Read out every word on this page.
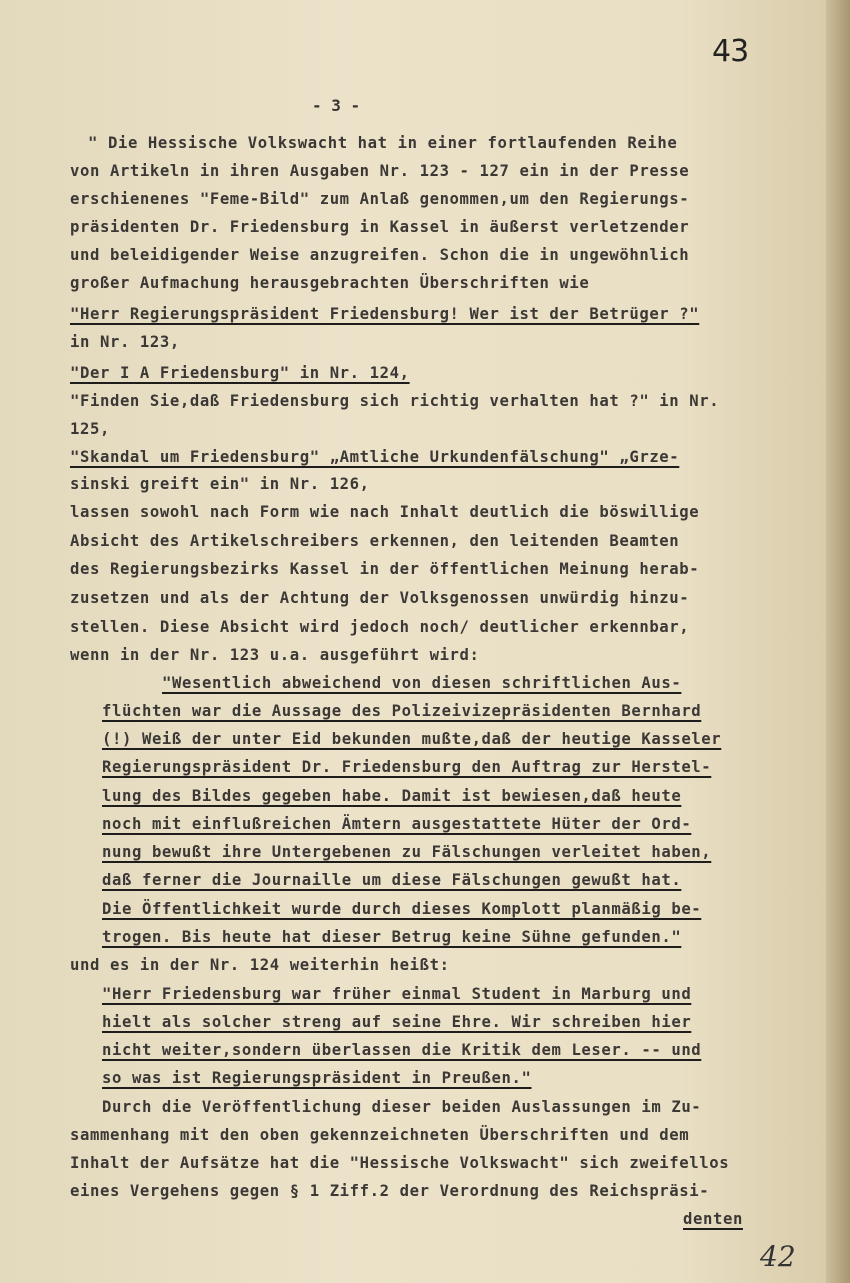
43
- 3 -
" Die Hessische Volkswacht hat in einer fortlaufenden Reihe
von Artikeln in ihren Ausgaben Nr. 123 - 127 ein in der Presse
erschienenes "Feme-Bild" zum Anlaß genommen,um den Regierungs-
präsidenten Dr. Friedensburg in Kassel in äußerst verletzender
und beleidigender Weise anzugreifen. Schon die in ungewöhnlich
großer Aufmachung herausgebrachten Überschriften wie
"Herr Regierungspräsident Friedensburg! Wer ist der Betrüger ?"
in Nr. 123,
"Der I A Friedensburg" in Nr. 124,
"Finden Sie,daß Friedensburg sich richtig verhalten hat ?" in Nr.
125,
"Skandal um Friedensburg" „Amtliche Urkundenfälschung" „Grze-
sinski greift ein" in Nr. 126,
lassen sowohl nach Form wie nach Inhalt deutlich die böswillige
Absicht des Artikelschreibers erkennen, den leitenden Beamten
des Regierungsbezirks Kassel in der öffentlichen Meinung herab-
zusetzen und als der Achtung der Volksgenossen unwürdig hinzu-
stellen. Diese Absicht wird jedoch noch/ deutlicher erkennbar,
wenn in der Nr. 123 u.a. ausgeführt wird:
"Wesentlich abweichend von diesen schriftlichen Aus-
flüchten war die Aussage des Polizeivizepräsidenten Bernhard
(!) Weiß der unter Eid bekunden mußte,daß der heutige Kasseler
Regierungspräsident Dr. Friedensburg den Auftrag zur Herstel-
lung des Bildes gegeben habe. Damit ist bewiesen,daß heute
noch mit einflußreichen Ämtern ausgestattete Hüter der Ord-
nung bewußt ihre Untergebenen zu Fälschungen verleitet haben,
daß ferner die Journaille um diese Fälschungen gewußt hat.
Die Öffentlichkeit wurde durch dieses Komplott planmäßig be-
trogen. Bis heute hat dieser Betrug keine Sühne gefunden."
und es in der Nr. 124 weiterhin heißt:
"Herr Friedensburg war früher einmal Student in Marburg und
hielt als solcher streng auf seine Ehre. Wir schreiben hier
nicht weiter,sondern überlassen die Kritik dem Leser. -- und
so was ist Regierungspräsident in Preußen."
Durch die Veröffentlichung dieser beiden Auslassungen im Zu-
sammenhang mit den oben gekennzeichneten Überschriften und dem
Inhalt der Aufsätze hat die "Hessische Volkswacht" sich zweifellos
eines Vergehens gegen § 1 Ziff.2 der Verordnung des Reichspräsi-
denten
42
